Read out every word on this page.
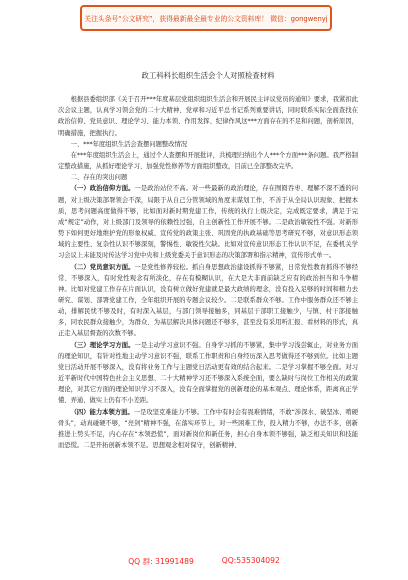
关注头条号“公文研究”，获得最新最全最专业的公文资料库！ 微信：gongwenyj
政工科科长组织生活会个人对照检查材料

根据县委组织部《关于召开***年度基层党组织组织生活会和开展民主评议党员的通知》要求，我紧扣此次会议主题，认真学习领会党的二十大精神、党章和习近平总书记系列重要讲话，同时联系实际全面查找在政治信仰、党员意识、理论学习、能力本领、作用发挥、纪律作风这***方面存在的不足和问题，剖析原因，明确措施，把握执行。

一、***年度组织生活会查摆问题整改情况

在***年度组织生活会上，通过个人查摆和开展批评，共梳理归纳出个人***个方面***条问题。我严格制定整改措施，从抓好理论学习、加强党性修养等方面组织整改，目前已全部整改完毕。

二、存在的突出问题

（一）政治信仰方面。一是政治站位不高。对一些最新的政治理论，存在囫囵吞枣、理解不深不透的问题，对上级决策部署领会不深，局限于从自己分管领域的角度来谋划工作，不善于从全局认识现象、把握本质，思考问题高度做得不够，比如面对新时期党建工作，传统的执行上级决定，完成既定要求，满足于完成“规定”动作，对上级部门及领导的依赖性过强，自主创新性工作开展不够。二是政治敏锐性不强。对新形势下如何更好地维护党的形象权威、宣传党的政策主张、巩固党的执政基础等思考研究不够，对意识形态领域的主要性、复杂性认识不够深刻，警惕性、敏锐性欠缺。比如对宣传意识形态工作认识不足，在委机关学习会议上未能及时传达学习党中央和上级党委关于意识形态的决策部署和指示精神，宣传形式单一。

（二）党员意识方面。一是党性修养较松。抓自身思想政治建设抓得不够紧，日常党性教育抓得不够经常、不够深入，有时党性观念有所淡化，存在有模糊认识，在大是大非面前缺乏应有的政治担当和斗争精神。比如对党建工作存在片面认识，没有树立做好党建就是最大政绩的理念，没有投入足够的时间和精力去研究、谋划、部署党建工作，全年组织开展的专题会议较少。二是联系群众不够。工作中服务群众还不够主动，排解民忧不够及时，有时深入基层，与部门领导接触多，同基层干部职工接触少，与镇、村干部接触多，同农民群众接触少，为群众、为基层解决具体问题还不够多，甚至没有采用听汇报、看材料的形式，真正走入基层督查的次数不够。

（三）理论学习方面。一是主动学习意识不强。自身学习抓的不够紧，集中学习浅尝辄止，对业务方面的理论知识，有针对性地主动学习意识不强，联系工作职责和自身经历深入思考做得还不够到位。比如主题党日活动开展不够深入，没有将业务工作与主题党日活动更有效的结合起来。二是学习掌握不够全面。对习近平新时代中国特色社会主义思想、二十大精神学习还不够深入系统全面，要么缺时与岗位工作相关的政策理论，对其它方面的理论知识学习不深入，没有全面掌握党的创新理论的基本观点、理论体系，距离真正学懂、弄通、做实上仍有不小差距。

（四）能力本领方面。一是攻坚克难能力不够。工作中有时会有畏难情绪，不敢“涉深水、破坚冰、啃硬骨头”，动真碰硬不够，“亮剑”精神不强，在落实环节上，对一些困难工作，投入精力不够，办法不多，创新推进上势头不足，内心存在“本领恐慌”，面对新岗位和新任务，担心自身本领不够强，缺乏相关知识和技能而恐慌。二是开拓创新本领不足。思想观念相对保守，创新精神、

QQ 群: 31991489	QQ:535304092
